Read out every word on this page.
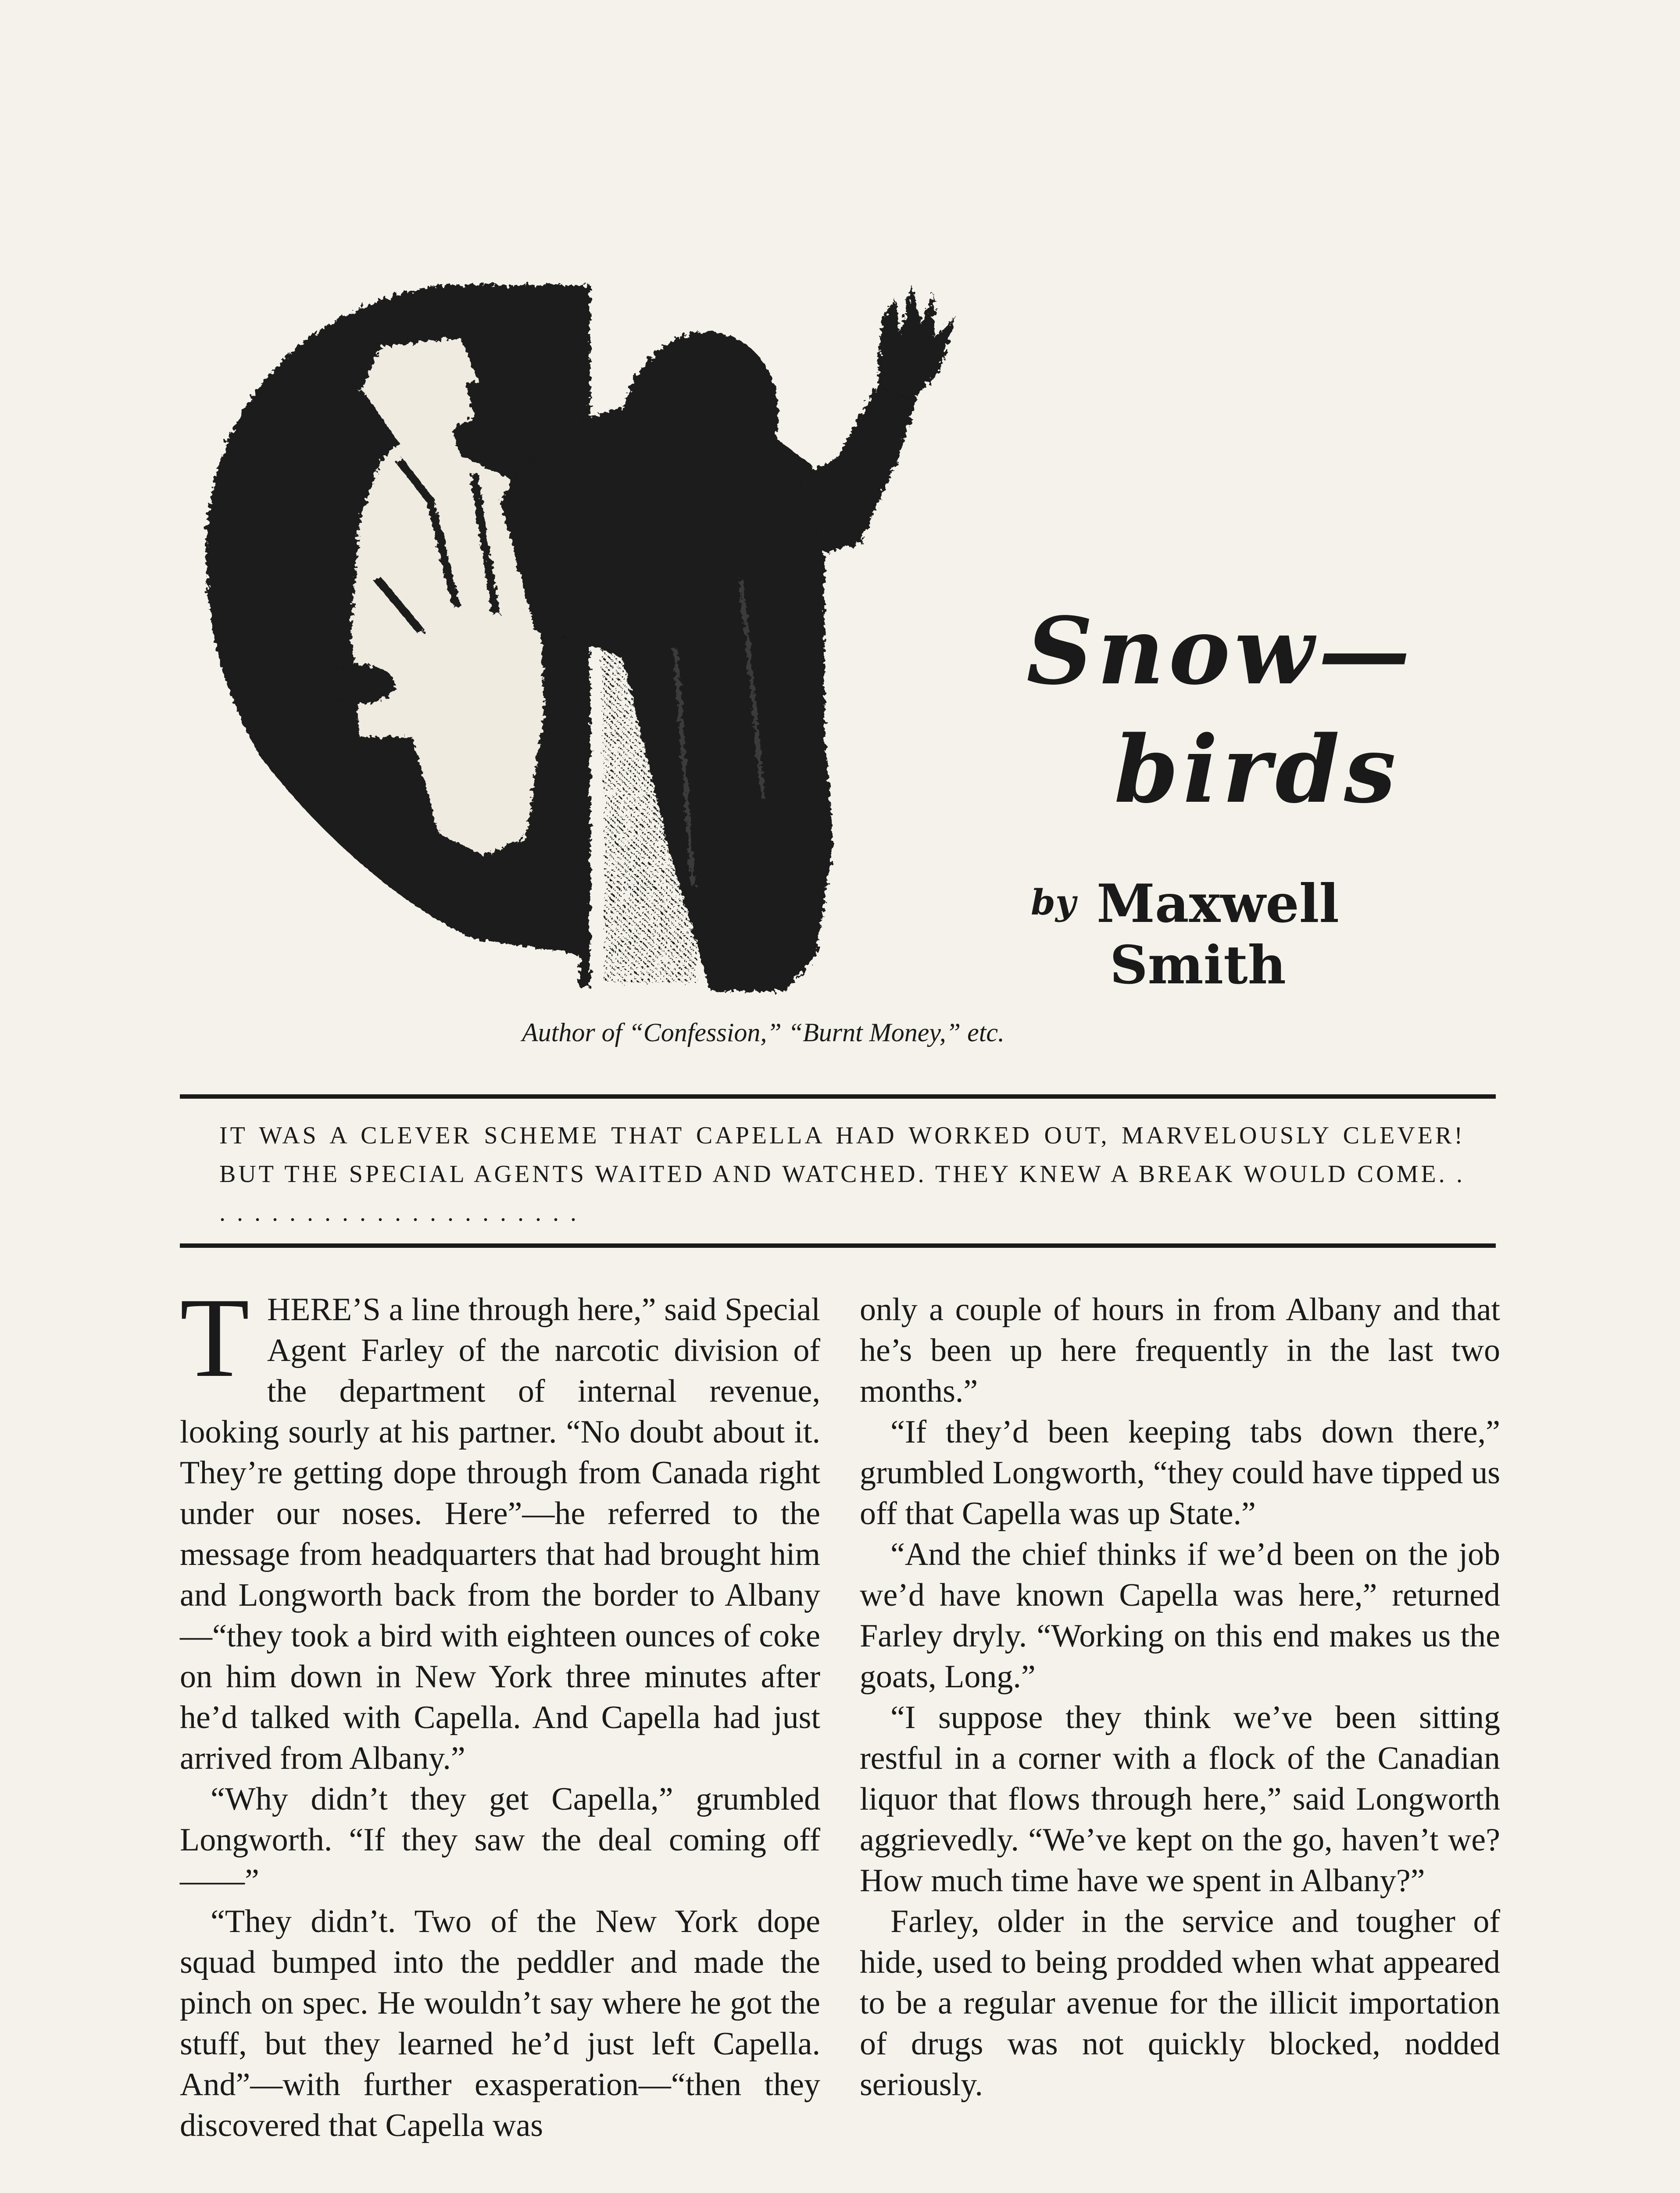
Snow—
birds
by Maxwell
Smith
Author of “Confession,” “Burnt Money,” etc.
IT WAS A CLEVER SCHEME THAT CAPELLA HAD WORKED OUT, MARVELOUSLY CLEVER! BUT THE SPECIAL AGENTS WAITED AND WATCHED. THEY KNEW A BREAK WOULD COME. . . . . . . . . . . . . . . . . . . . . . .

THERE’S a line through here,” said Special Agent Farley of the narcotic division of the department of internal revenue, looking sourly at his partner. “No doubt about it. They’re getting dope through from Canada right under our noses. Here”—he referred to the message from headquarters that had brought him and Longworth back from the border to Albany—“they took a bird with eighteen ounces of coke on him down in New York three minutes after he’d talked with Capella. And Capella had just arrived from Albany.”

“Why didn’t they get Capella,” grumbled Longworth. “If they saw the deal coming off——”

“They didn’t. Two of the New York dope squad bumped into the peddler and made the pinch on spec. He wouldn’t say where he got the stuff, but they learned he’d just left Capella. And”—with further exasperation—“then they discovered that Capella was

only a couple of hours in from Albany and that he’s been up here frequently in the last two months.”

“If they’d been keeping tabs down there,” grumbled Longworth, “they could have tipped us off that Capella was up State.”

“And the chief thinks if we’d been on the job we’d have known Capella was here,” returned Farley dryly. “Working on this end makes us the goats, Long.”

“I suppose they think we’ve been sitting restful in a corner with a flock of the Canadian liquor that flows through here,” said Longworth aggrievedly. “We’ve kept on the go, haven’t we? How much time have we spent in Albany?”

Farley, older in the service and tougher of hide, used to being prodded when what appeared to be a regular avenue for the illicit importation of drugs was not quickly blocked, nodded seriously.
